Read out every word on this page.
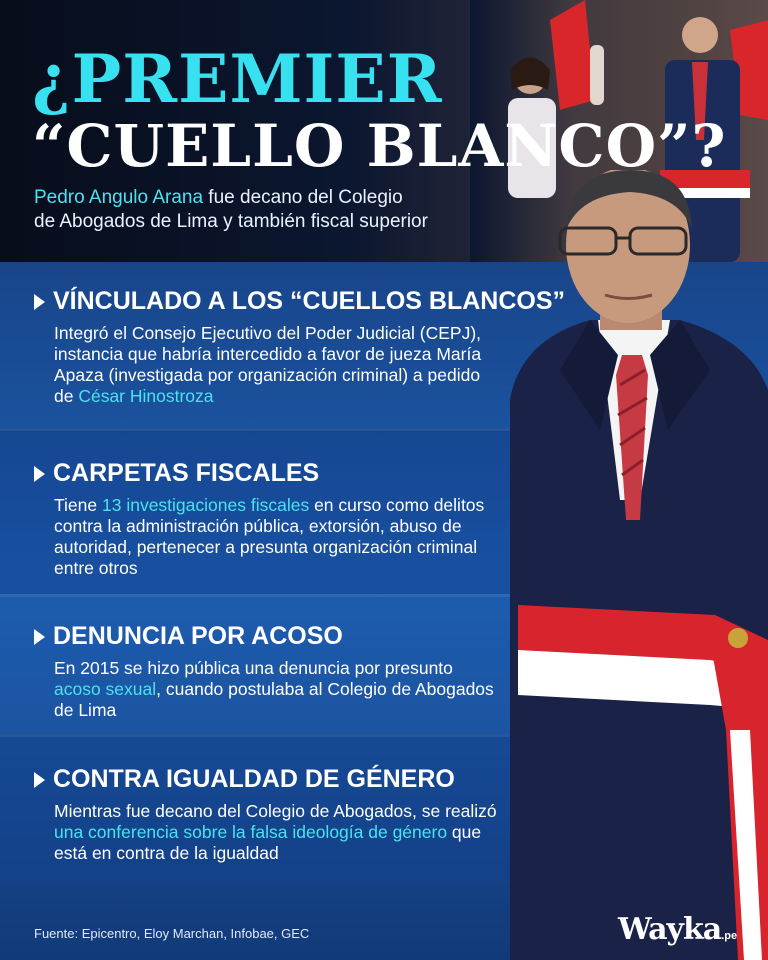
¿PREMIER
“CUELLO BLANCO”?
Pedro Angulo Arana fue decano del Colegio
de Abogados de Lima y también fiscal superior
VÍNCULADO A LOS “CUELLOS BLANCOS”
Integró el Consejo Ejecutivo del Poder Judicial (CEPJ), instancia que habría intercedido a favor de jueza María Apaza (investigada por organización criminal) a pedido de César Hinostroza
CARPETAS FISCALES
Tiene 13 investigaciones fiscales en curso como delitos contra la administración pública, extorsión, abuso de autoridad, pertenecer a presunta organización criminal entre otros
DENUNCIA POR ACOSO
En 2015 se hizo pública una denuncia por presunto acoso sexual, cuando postulaba al Colegio de Abogados de Lima
CONTRA IGUALDAD DE GÉNERO
Mientras fue decano del Colegio de Abogados, se realizó una conferencia sobre la falsa ideología de género que está en contra de la igualdad
Fuente: Epicentro, Eloy Marchan, Infobae, GEC	Wayka.pe
